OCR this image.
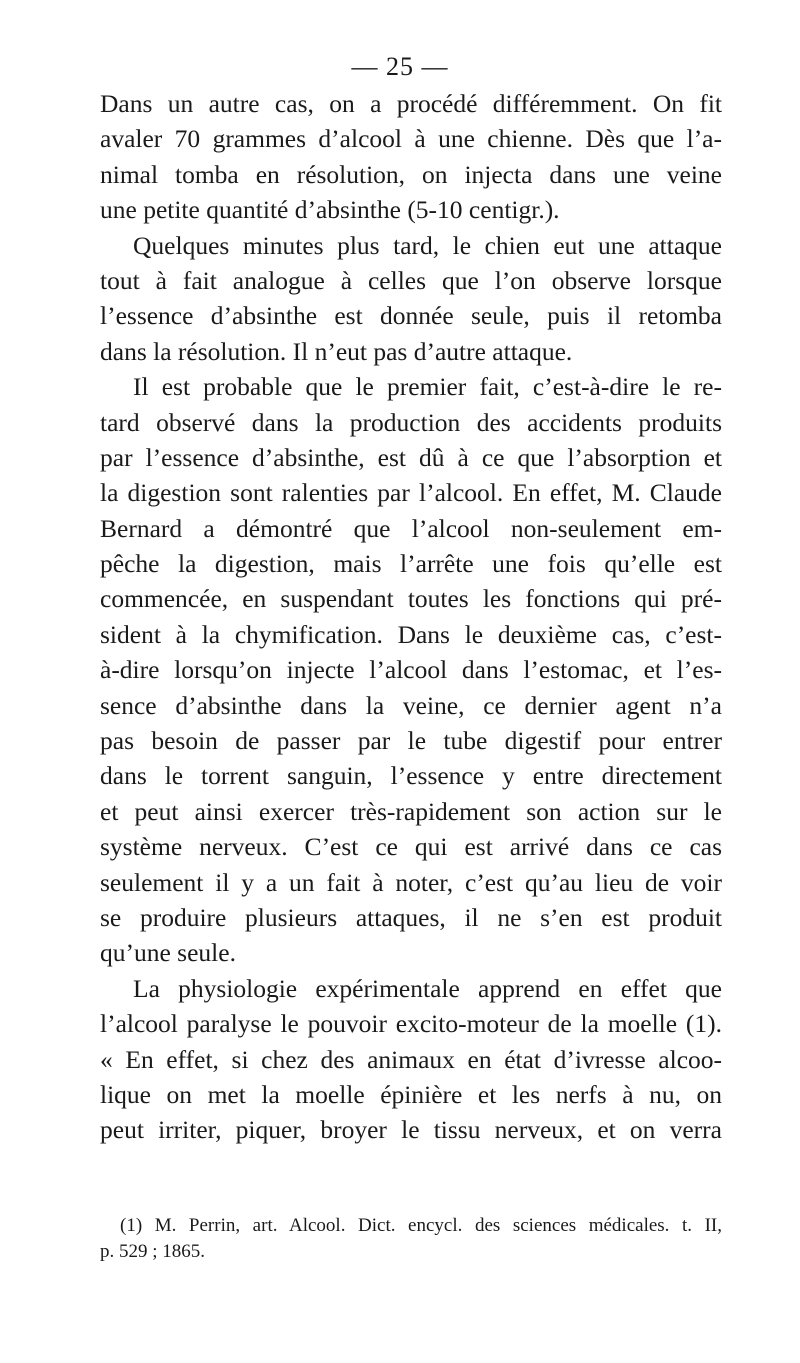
— 25 —
Dans un autre cas, on a procédé différemment. On fit
avaler 70 grammes d’alcool à une chienne. Dès que l’a-
nimal tomba en résolution, on injecta dans une veine
une petite quantité d’absinthe (5-10 centigr.).
Quelques minutes plus tard, le chien eut une attaque
tout à fait analogue à celles que l’on observe lorsque
l’essence d’absinthe est donnée seule, puis il retomba
dans la résolution. Il n’eut pas d’autre attaque.
Il est probable que le premier fait, c’est-à-dire le re-
tard observé dans la production des accidents produits
par l’essence d’absinthe, est dû à ce que l’absorption et
la digestion sont ralenties par l’alcool. En effet, M. Claude
Bernard a démontré que l’alcool non-seulement em-
pêche la digestion, mais l’arrête une fois qu’elle est
commencée, en suspendant toutes les fonctions qui pré-
sident à la chymification. Dans le deuxième cas, c’est-
à-dire lorsqu’on injecte l’alcool dans l’estomac, et l’es-
sence d’absinthe dans la veine, ce dernier agent n’a
pas besoin de passer par le tube digestif pour entrer
dans le torrent sanguin, l’essence y entre directement
et peut ainsi exercer très-rapidement son action sur le
système nerveux. C’est ce qui est arrivé dans ce cas
seulement il y a un fait à noter, c’est qu’au lieu de voir
se produire plusieurs attaques, il ne s’en est produit
qu’une seule.
La physiologie expérimentale apprend en effet que
l’alcool paralyse le pouvoir excito-moteur de la moelle (1).
« En effet, si chez des animaux en état d’ivresse alcoo-
lique on met la moelle épinière et les nerfs à nu, on
peut irriter, piquer, broyer le tissu nerveux, et on verra
(1) M. Perrin, art. Alcool. Dict. encycl. des sciences médicales. t. II,
p. 529 ; 1865.
